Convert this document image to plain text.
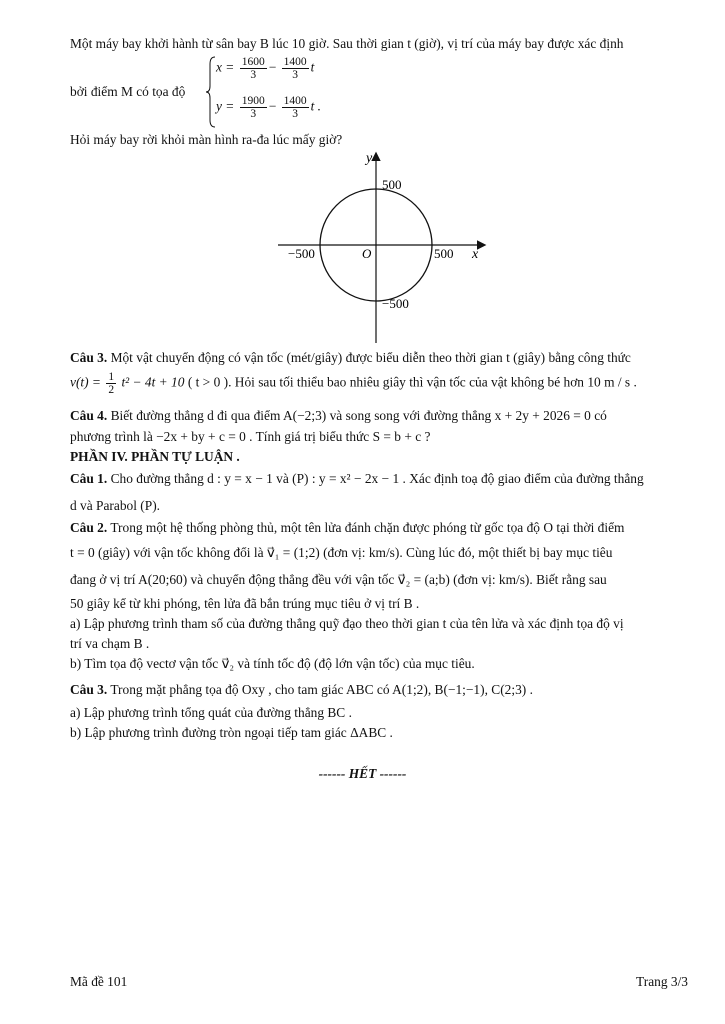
Một máy bay khởi hành từ sân bay B lúc 10 giờ. Sau thời gian t (giờ), vị trí của máy bay được xác định
bởi điểm M có tọa độ
$x = \frac{1600}{3} - \frac{1400}{3}$ t
$y = \frac{1900}{3} - \frac{1400}{3}$ t .
Hỏi máy bay rời khỏi màn hình ra-đa lúc mấy giờ?
y
x
O
500
−500
−500	500
Câu 3. Một vật chuyển động có vận tốc (mét/giây) được biểu diễn theo thời gian t (giây) bằng công thức
$v(t) = \frac{1}{2} t^2 - 4t + 10$ ( t > 0 ). Hỏi sau tối thiểu bao nhiêu giây thì vận tốc của vật không bé hơn 10 m / s .
Câu 4. Biết đường thẳng d đi qua điểm A(−2;3) và song song với đường thẳng x + 2y + 2026 = 0 có
phương trình là −2x + by + c = 0 . Tính giá trị biểu thức S = b + c ?
PHẦN IV. PHẦN TỰ LUẬN .
Câu 1. Cho đường thẳng d : y = x − 1 và (P) : y = x² − 2x − 1 . Xác định toạ độ giao điểm của đường thẳng
d và Parabol (P).
Câu 2. Trong một hệ thống phòng thủ, một tên lửa đánh chặn được phóng từ gốc tọa độ O tại thời điểm
t = 0 (giây) với vận tốc không đổi là v⃗₁ = (1;2) (đơn vị: km/s). Cùng lúc đó, một thiết bị bay mục tiêu
đang ở vị trí A(20;60) và chuyển động thẳng đều với vận tốc v⃗₂ = (a;b) (đơn vị: km/s). Biết rằng sau
50 giây kể từ khi phóng, tên lửa đã bắn trúng mục tiêu ở vị trí B .
a) Lập phương trình tham số của đường thẳng quỹ đạo theo thời gian t của tên lửa và xác định tọa độ vị
trí va chạm B .
b) Tìm tọa độ vectơ vận tốc v⃗₂ và tính tốc độ (độ lớn vận tốc) của mục tiêu.
Câu 3. Trong mặt phẳng tọa độ Oxy , cho tam giác ABC có A(1;2), B(−1;−1), C(2;3) .
a) Lập phương trình tổng quát của đường thẳng BC .
b) Lập phương trình đường tròn ngoại tiếp tam giác ΔABC .
------ HẾT ------
Mã đề 101	Trang 3/3
